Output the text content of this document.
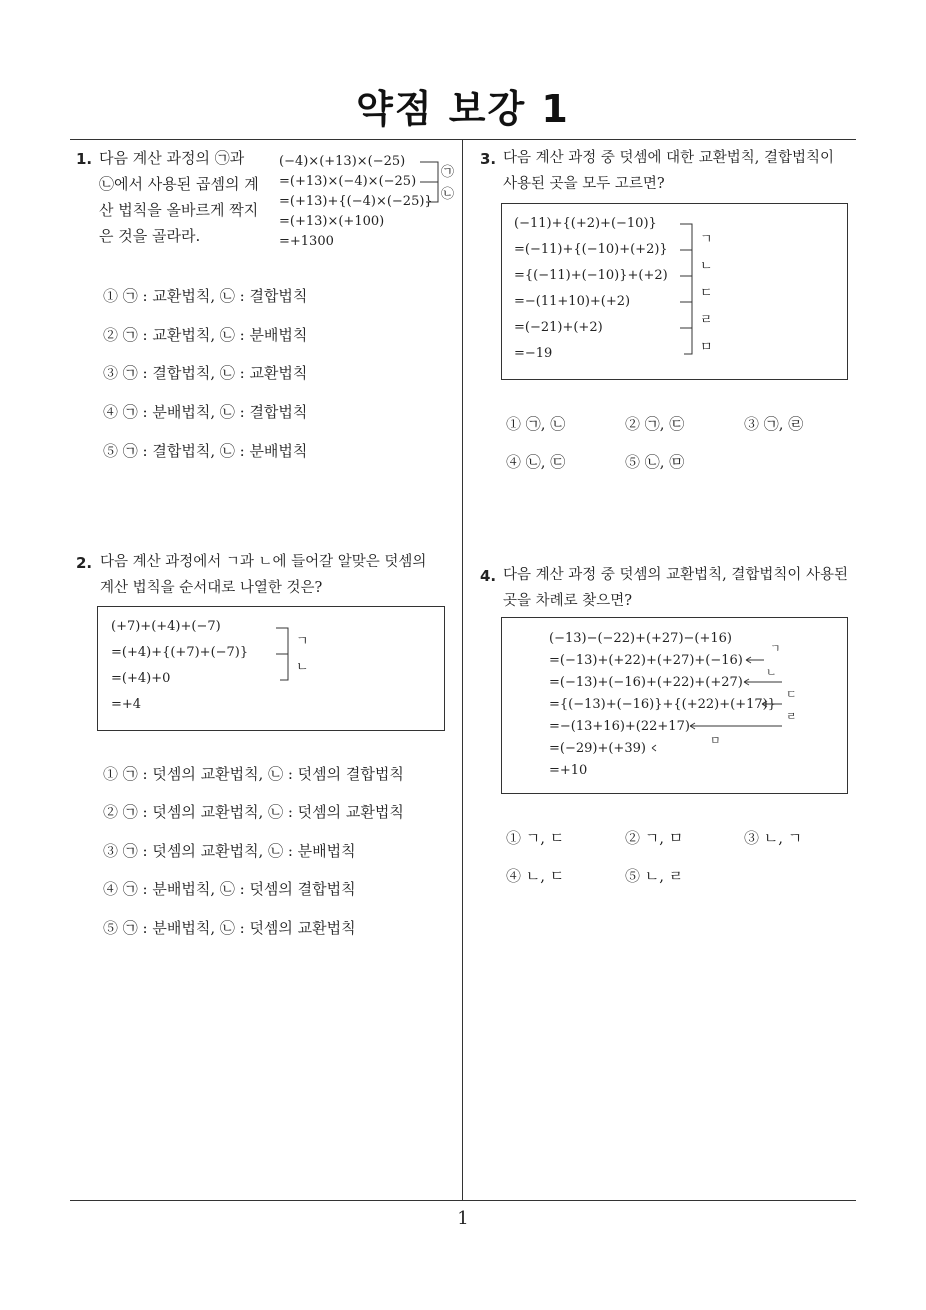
약점 보강 1
1. 다음 계산 과정의 ㉠과
㉡에서 사용된 곱셈의 계
산 법칙을 올바르게 짝지
은 것을 골라라.
(−4)×(+13)×(−25)
=(+13)×(−4)×(−25)
=(+13)+{(−4)×(−25)}
=(+13)×(+100)
=+1300
㉠
㉡
① ㉠ : 교환법칙, ㉡ : 결합법칙
② ㉠ : 교환법칙, ㉡ : 분배법칙
③ ㉠ : 결합법칙, ㉡ : 교환법칙
④ ㉠ : 분배법칙, ㉡ : 결합법칙
⑤ ㉠ : 결합법칙, ㉡ : 분배법칙
2. 다음 계산 과정에서 ㄱ과 ㄴ에 들어갈 알맞은 덧셈의
계산 법칙을 순서대로 나열한 것은?
(+7)+(+4)+(−7)
=(+4)+{(+7)+(−7)}
=(+4)+0
=+4
ㄱ
ㄴ
① ㉠ : 덧셈의 교환법칙, ㉡ : 덧셈의 결합법칙
② ㉠ : 덧셈의 교환법칙, ㉡ : 덧셈의 교환법칙
③ ㉠ : 덧셈의 교환법칙, ㉡ : 분배법칙
④ ㉠ : 분배법칙, ㉡ : 덧셈의 결합법칙
⑤ ㉠ : 분배법칙, ㉡ : 덧셈의 교환법칙
3. 다음 계산 과정 중 덧셈에 대한 교환법칙, 결합법칙이
사용된 곳을 모두 고르면?
(−11)+{(+2)+(−10)}
=(−11)+{(−10)+(+2)}
={(−11)+(−10)}+(+2)
=−(11+10)+(+2)
=(−21)+(+2)
=−19
ㄱ
ㄴ
ㄷ
ㄹ
ㅁ
① ㉠, ㉡	② ㉠, ㉢	③ ㉠, ㉣
④ ㉡, ㉢	⑤ ㉡, ㉤
4. 다음 계산 과정 중 덧셈의 교환법칙, 결합법칙이 사용된
곳을 차례로 찾으면?
(−13)−(−22)+(+27)−(+16)
=(−13)+(+22)+(+27)+(−16)
=(−13)+(−16)+(+22)+(+27)
={(−13)+(−16)}+{(+22)+(+17)}
=−(13+16)+(22+17)
=(−29)+(+39)
=+10
ㄱ
ㄴ
ㄷ
ㄹ
ㅁ
① ㄱ, ㄷ	② ㄱ, ㅁ	③ ㄴ, ㄱ
④ ㄴ, ㄷ	⑤ ㄴ, ㄹ
1
